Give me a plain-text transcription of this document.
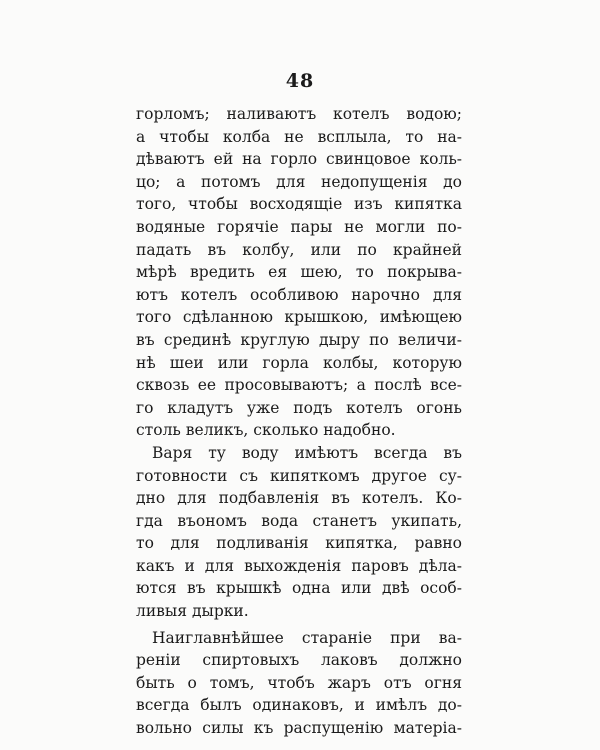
48
горломъ; наливаютъ котелъ водою;
а чтобы колба не всплыла, то на-
дѣваютъ ей на горло свинцовое коль-
цо; а потомъ для недопущенія до
того, чтобы восходящіе изъ кипятка
водяные горячіе пары не могли по-
падать въ колбу, или по крайней
мѣрѣ вредить ея шею, то покрыва-
ютъ котелъ особливою нарочно для
того сдѣланною крышкою, имѣющею
въ срединѣ круглую дыру по величи-
нѣ шеи или горла колбы, которую
сквозь ее просовываютъ; а послѣ все-
го кладутъ уже подъ котелъ огонь
столь великъ, сколько надобно.
Варя ту воду имѣютъ всегда въ
готовности съ кипяткомъ другое су-
дно для подбавленія въ котелъ. Ко-
гда въономъ вода станетъ укипать,
то для подливанія кипятка, равно
какъ и для выхожденія паровъ дѣла-
ются въ крышкѣ одна или двѣ особ-
ливыя дырки.
Наиглавнѣйшее стараніе при ва-
реніи спиртовыхъ лаковъ должно
быть о томъ, чтобъ жаръ отъ огня
всегда былъ одинаковъ, и имѣлъ до-
вольно силы къ распущенію матеріа-
